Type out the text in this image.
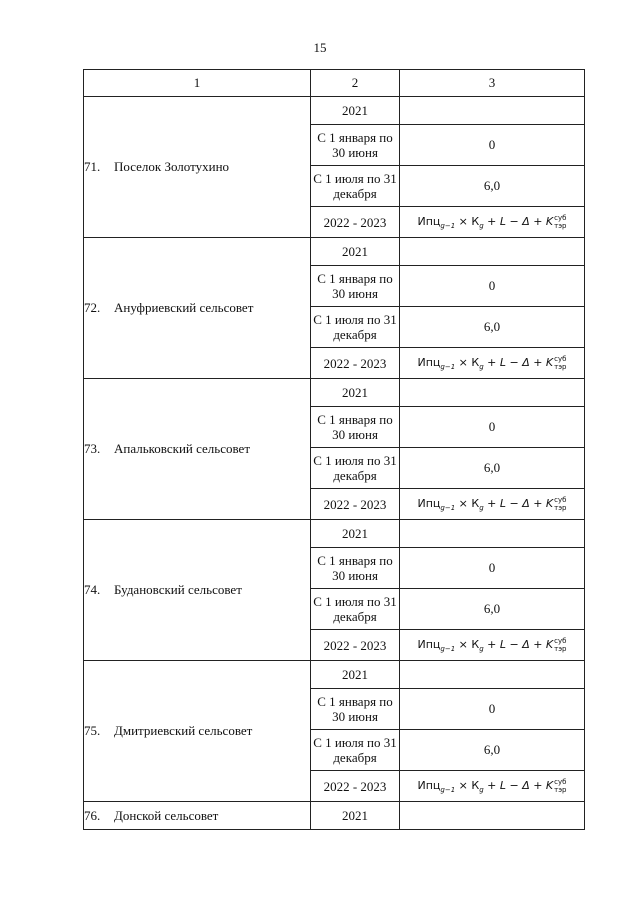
15
1	2	3
71. Поселок Золотухино	2021	
	С 1 января по 30 июня	0
	С 1 июля по 31 декабря	6,0
	2022 - 2023	$Ипц_{g-1} \times К_g + L - \Delta$ + Kсуб
тэр
72. Ануфриевский сельсовет	2021	
	С 1 января по 30 июня	0
	С 1 июля по 31 декабря	6,0
	2022 - 2023	$Ипц_{g-1} \times К_g + L - \Delta$ + Kсуб
тэр
73. Апальковский сельсовет	2021	
	С 1 января по 30 июня	0
	С 1 июля по 31 декабря	6,0
	2022 - 2023	$Ипц_{g-1} \times К_g + L - \Delta$ + Kсуб
тэр
74. Будановский сельсовет	2021	
	С 1 января по 30 июня	0
	С 1 июля по 31 декабря	6,0
	2022 - 2023	$Ипц_{g-1} \times К_g + L - \Delta$ + Kсуб
тэр
75. Дмитриевский сельсовет	2021	
	С 1 января по 30 июня	0
	С 1 июля по 31 декабря	6,0
	2022 - 2023	$Ипц_{g-1} \times К_g + L - \Delta$ + Kсуб
тэр
76. Донской сельсовет	2021	
